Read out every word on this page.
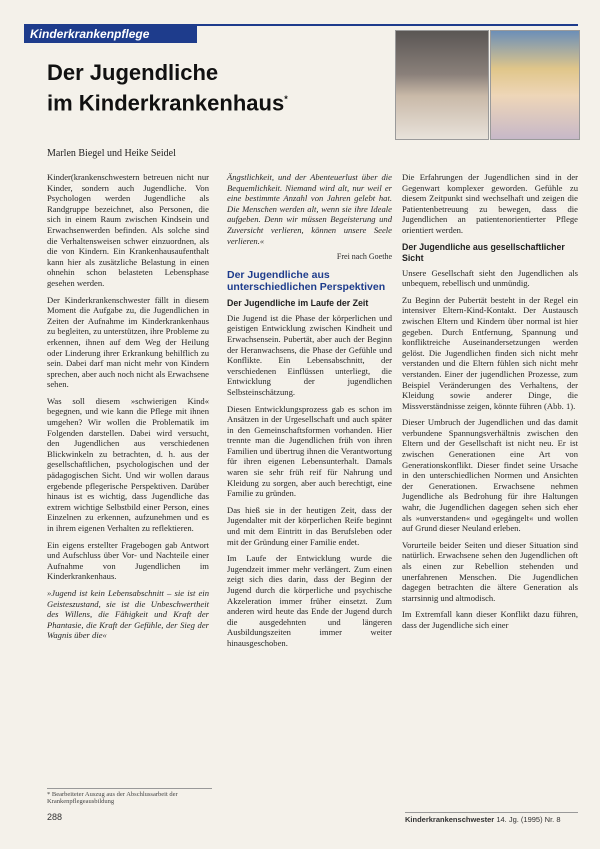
Kinderkrankenpflege
Der Jugendliche
im Kinderkrankenhaus*
Marlen Biegel und Heike Seidel

Kinder(krankenschwestern betreuen nicht nur Kinder, sondern auch Jugendliche. Von Psychologen werden Jugendliche als Randgruppe bezeichnet, also Personen, die sich in einem Raum zwischen Kindsein und Erwachsenwerden befinden. Als solche sind die Verhaltensweisen schwer einzuordnen, als die von Kindern. Ein Krankenhausaufenthalt kann hier als zusätzliche Belastung in einen ohnehin schon belasteten Lebensphase gesehen werden.

Der Kinderkrankenschwester fällt in diesem Moment die Aufgabe zu, die Jugendlichen in Zeiten der Aufnahme im Kinderkrankenhaus zu begleiten, zu unterstützen, ihre Probleme zu erkennen, ihnen auf dem Weg der Heilung oder Linderung ihrer Erkrankung behilflich zu sein. Dabei darf man nicht mehr von Kindern sprechen, aber auch noch nicht als Erwachsene sehen.

Was soll diesem »schwierigen Kind« begegnen, und wie kann die Pflege mit ihnen umgehen? Wir wollen die Problematik im Folgenden darstellen. Dabei wird versucht, den Jugendlichen aus verschiedenen Blickwinkeln zu betrachten, d. h. aus der gesellschaftlichen, psychologischen und der pädagogischen Sicht. Und wir wollen daraus ergebende pflegerische Perspektiven. Darüber hinaus ist es wichtig, dass Jugendliche das extrem wichtige Selbstbild einer Person, eines Einzelnen zu erkennen, aufzunehmen und es in ihrem eigenen Verhalten zu reflektieren.

Ein eigens erstellter Fragebogen gab Antwort und Aufschluss über Vor- und Nachteile einer Aufnahme von Jugendlichen im Kinderkrankenhaus.

»Jugend ist kein Lebensabschnitt – sie ist ein Geisteszustand, sie ist die Unbeschwertheit des Willens, die Fähigkeit und Kraft der Phantasie, die Kraft der Gefühle, der Sieg der Wagnis über die«

* Bearbeiteter Auszug aus der Abschlussarbeit der Krankenpflegeausbildung

Ängstlichkeit, und der Abenteuerlust über die Bequemlichkeit. Niemand wird alt, nur weil er eine bestimmte Anzahl von Jahren gelebt hat. Die Menschen werden alt, wenn sie ihre Ideale aufgeben. Denn wir müssen Begeisterung und Zuversicht verlieren, können unsere Seele verlieren.«

Frei nach Goethe

Der Jugendliche aus unterschiedlichen Perspektiven
Der Jugendliche im Laufe der Zeit

Die Jugend ist die Phase der körperlichen und geistigen Entwicklung zwischen Kindheit und Erwachsensein. Pubertät, aber auch der Beginn der Heranwachsens, die Phase der Gefühle und Konflikte. Ein Lebensabschnitt, der verschiedenen Einflüssen unterliegt, die Entwicklung der jugendlichen Selbsteinschätzung.

Diesen Entwicklungsprozess gab es schon im Ansätzen in der Urgesellschaft und auch später in den Gemeinschaftsformen vorhanden. Hier trennte man die Jugendlichen früh von ihren Familien und übertrug ihnen die Verantwortung für ihren eigenen Lebensunterhalt. Damals waren sie sehr früh reif für Nahrung und Kleidung zu sorgen, aber auch berechtigt, eine Familie zu gründen.

Das hieß sie in der heutigen Zeit, dass der Jugendalter mit der körperlichen Reife beginnt und mit dem Eintritt in das Berufsleben oder mit der Gründung einer Familie endet.

Im Laufe der Entwicklung wurde die Jugendzeit immer mehr verlängert. Zum einen zeigt sich dies darin, dass der Beginn der Jugend durch die körperliche und psychische Akzeleration immer früher einsetzt. Zum anderen wird heute das Ende der Jugend durch die ausgedehnten und längeren Ausbildungszeiten immer weiter hinausgeschoben.

Die Erfahrungen der Jugendlichen sind in der Gegenwart komplexer geworden. Gefühle zu diesem Zeitpunkt sind wechselhaft und zeigen die Patientenbetreuung zu bewegen, dass die Jugendlichen an patientenorientierter Pflege orientiert werden.

Der Jugendliche aus gesellschaftlicher Sicht

Unsere Gesellschaft sieht den Jugendlichen als unbequem, rebellisch und unmündig.

Zu Beginn der Pubertät besteht in der Regel ein intensiver Eltern-Kind-Kontakt. Der Austausch zwischen Eltern und Kindern über normal ist hier gegeben. Durch Entfernung, Spannung und konfliktreiche Auseinandersetzungen werden gelöst. Die Jugendlichen finden sich nicht mehr verstanden und die Eltern fühlen sich nicht mehr verstanden. Einer der jugendlichen Prozesse, zum Beispiel Veränderungen des Verhaltens, der Kleidung sowie anderer Dinge, die Missverständnisse zeigen, könnte führen (Abb. 1).

Dieser Umbruch der Jugendlichen und das damit verbundene Spannungsverhältnis zwischen den Eltern und der Gesellschaft ist nicht neu. Er ist zwischen Generationen eine Art von Generationskonflikt. Dieser findet seine Ursache in den unterschiedlichen Normen und Ansichten der Generationen. Erwachsene nehmen Jugendliche als Bedrohung für ihre Haltungen wahr, die Jugendlichen dagegen sehen sich eher als »unverstanden« und »gegängelt« und wollen auf Grund dieser Neuland erleben.

Vorurteile beider Seiten und dieser Situation sind natürlich. Erwachsene sehen den Jugendlichen oft als einen zur Rebellion stehenden und unerfahrenen Menschen. Die Jugendlichen dagegen betrachten die ältere Generation als starrsinnig und altmodisch.

Im Extremfall kann dieser Konflikt dazu führen, dass der Jugendliche sich einer

288	Kinderkrankenschwester 14. Jg. (1995) Nr. 8
